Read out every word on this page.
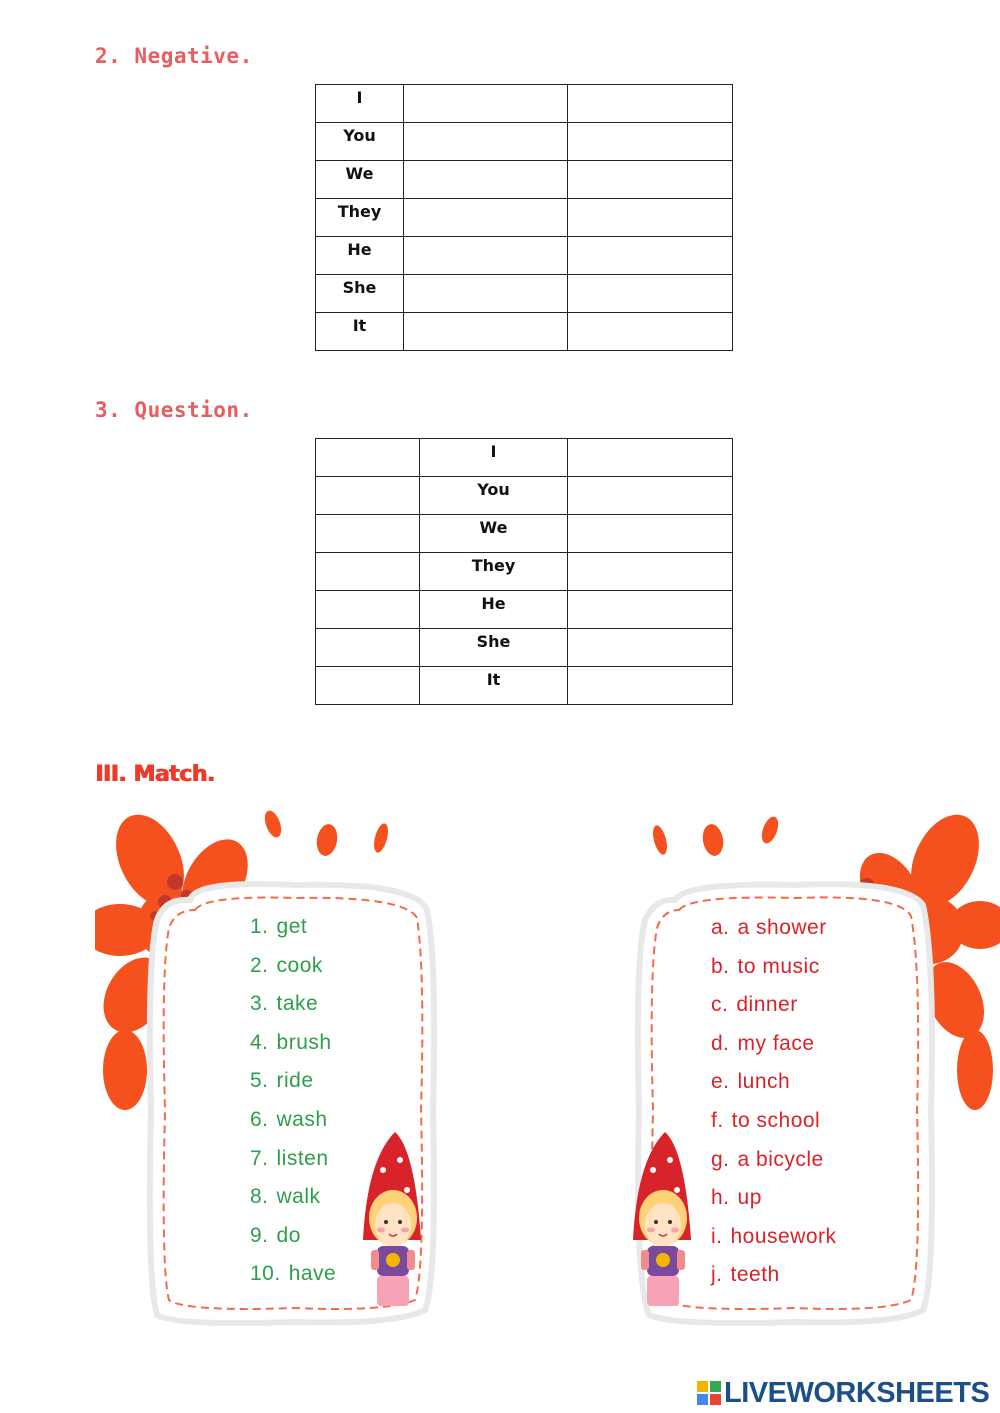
2. Negative.
I		
You		
We		
They		
He		
She		
It		
3. Question.
	I	
	You	
	We	
	They	
	He	
	She	
	It	
III. Match.
1. get
2. cook
3. take
4. brush
5. ride
6. wash
7. listen
8. walk
9. do
10. have
a. a shower
b. to music
c. dinner
d. my face
e. lunch
f. to school
g. a bicycle
h. up
i. housework
j. teeth
LIVEWORKSHEETS
